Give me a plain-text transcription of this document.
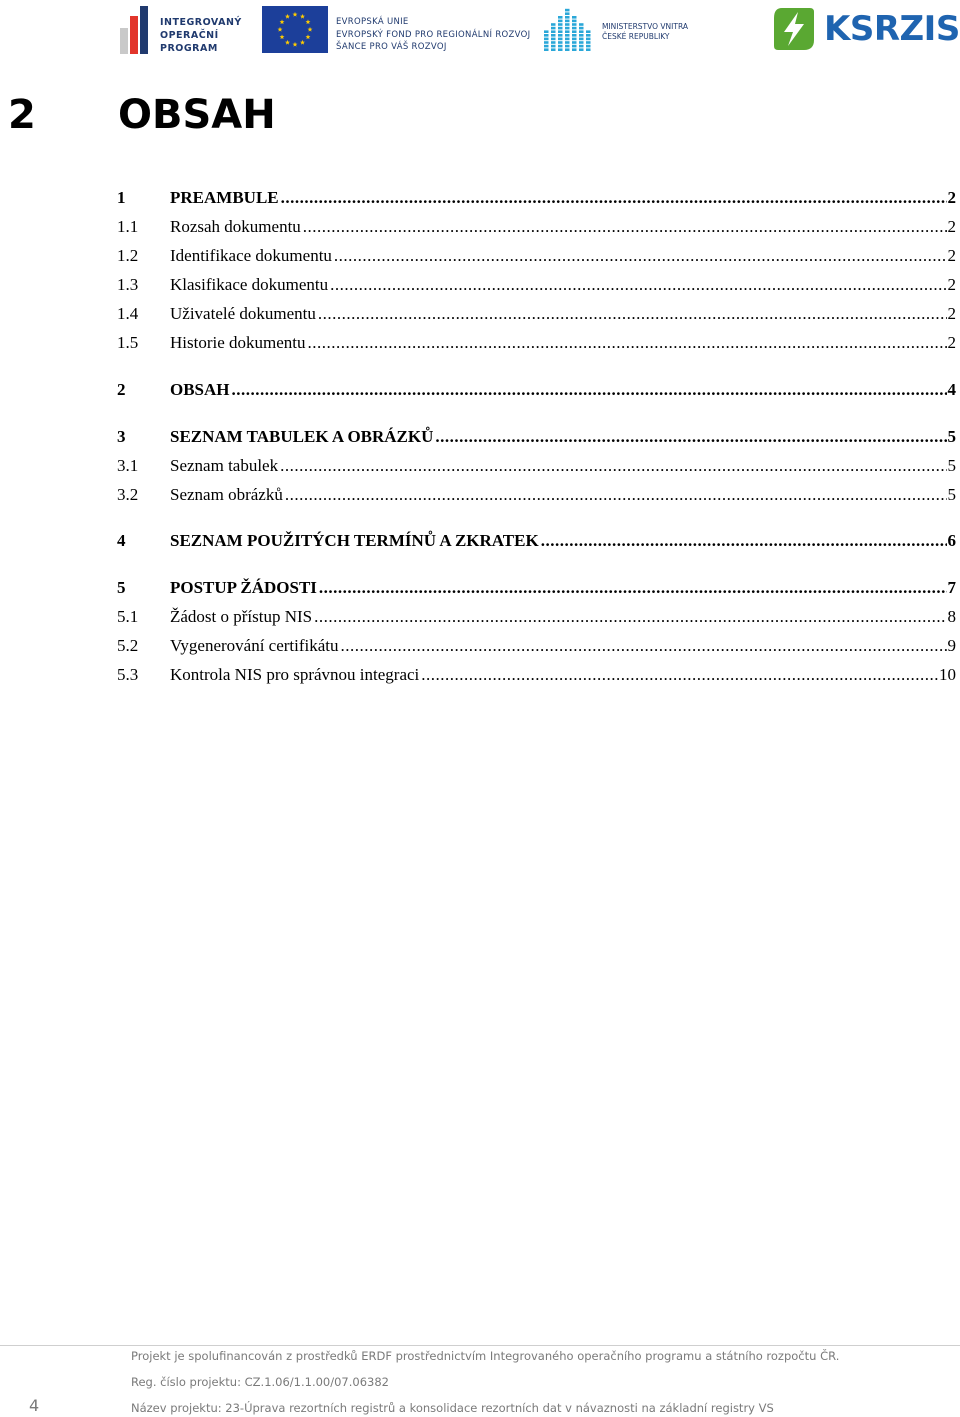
INTEGROVANÝ
OPERAČNÍ
PROGRAM
EVROPSKÁ UNIE
EVROPSKÝ FOND PRO REGIONÁLNÍ ROZVOJ
ŠANCE PRO VÁŠ ROZVOJ
MINISTERSTVO VNITRA
ČESKÉ REPUBLIKY	KSRZIS
2 OBSAH
1	PREAMBULE .....	2
1.1	Rozsah dokumentu .....	2
1.2	Identifikace dokumentu .....	2
1.3	Klasifikace dokumentu .....	2
1.4	Uživatelé dokumentu .....	2
1.5	Historie dokumentu .....	2
2	OBSAH .....	4
3	SEZNAM TABULEK A OBRÁZKŮ .....	5
3.1	Seznam tabulek .....	5
3.2	Seznam obrázků .....	5
4	SEZNAM POUŽITÝCH TERMÍNŮ A ZKRATEK .....	6
5	POSTUP ŽÁDOSTI .....	7
5.1	Žádost o přístup NIS .....	8
5.2	Vygenerování certifikátu .....	9
5.3	Kontrola NIS pro správnou integraci .....	10
Projekt je spolufinancován z prostředků ERDF prostřednictvím Integrovaného operačního programu a státního rozpočtu ČR.
Reg. číslo projektu: CZ.1.06/1.1.00/07.06382
Název projektu: 23-Úprava rezortních registrů a konsolidace rezortních dat v návaznosti na základní registry VS
4
